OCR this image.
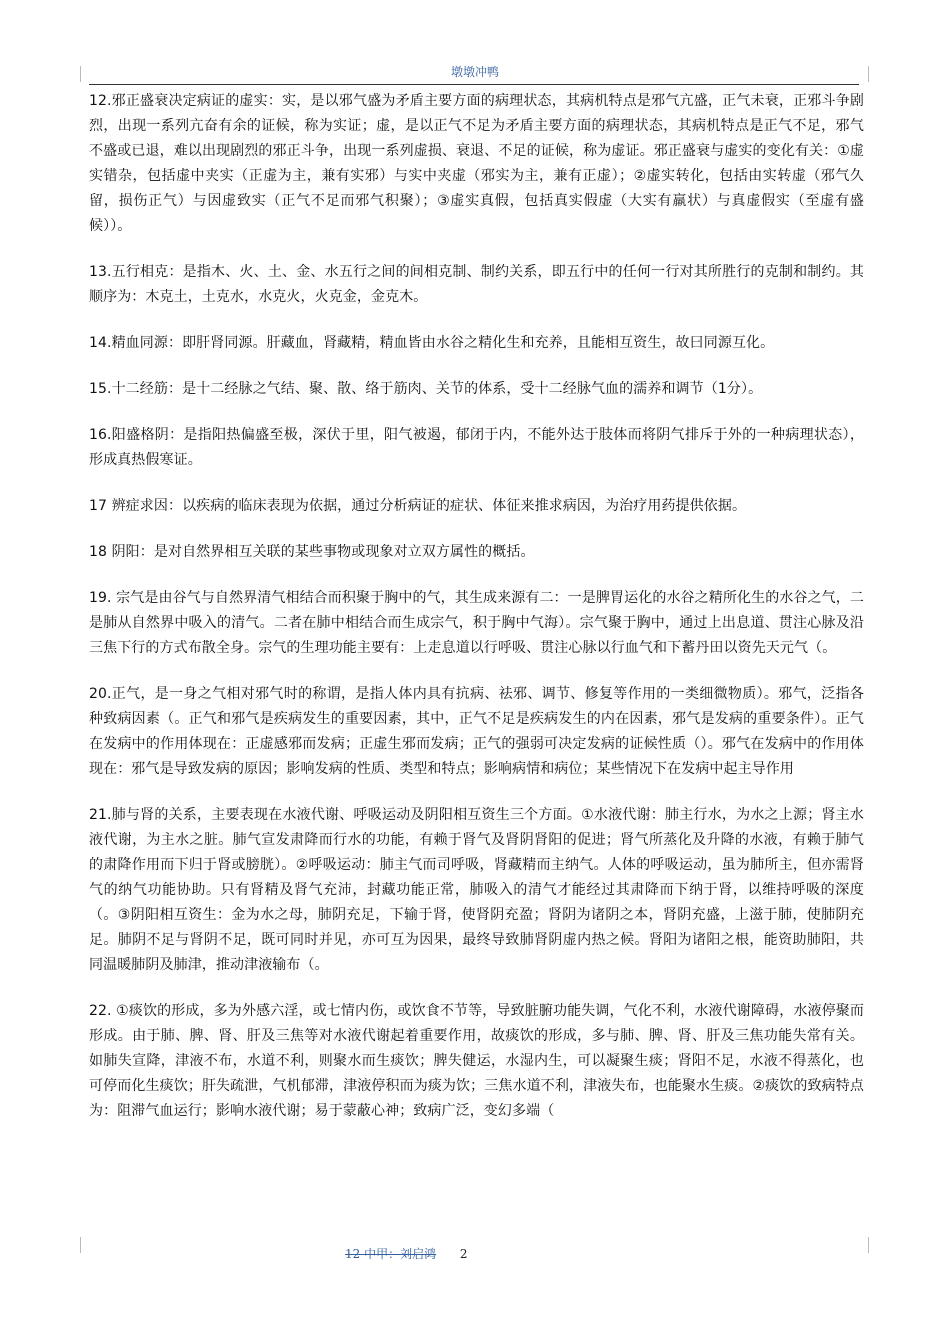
墩墩冲鸭

12.邪正盛衰决定病证的虚实：实，是以邪气盛为矛盾主要方面的病理状态，其病机特点是邪气亢盛，正气未衰，正邪斗争剧烈，出现一系列亢奋有余的证候，称为实证；虚，是以正气不足为矛盾主要方面的病理状态，其病机特点是正气不足，邪气不盛或已退，难以出现剧烈的邪正斗争，出现一系列虚损、衰退、不足的证候，称为虚证。邪正盛衰与虚实的变化有关：①虚实错杂，包括虚中夹实（正虚为主，兼有实邪）与实中夹虚（邪实为主，兼有正虚）；②虚实转化，包括由实转虚（邪气久留，损伤正气）与因虚致实（正气不足而邪气积聚）；③虚实真假，包括真实假虚（大实有羸状）与真虚假实（至虚有盛候））。

13.五行相克：是指木、火、土、金、水五行之间的间相克制、制约关系，即五行中的任何一行对其所胜行的克制和制约。其顺序为：木克土，土克水，水克火，火克金，金克木。

14.精血同源：即肝肾同源。肝藏血，肾藏精，精血皆由水谷之精化生和充养，且能相互资生，故曰同源互化。

15.十二经筋：是十二经脉之气结、聚、散、络于筋肉、关节的体系，受十二经脉气血的濡养和调节（1分）。

16.阳盛格阴：是指阳热偏盛至极，深伏于里，阳气被遏，郁闭于内，不能外达于肢体而将阴气排斥于外的一种病理状态），形成真热假寒证。

17 辨症求因：以疾病的临床表现为依据，通过分析病证的症状、体征来推求病因，为治疗用药提供依据。

18 阴阳：是对自然界相互关联的某些事物或现象对立双方属性的概括。

19. 宗气是由谷气与自然界清气相结合而积聚于胸中的气，其生成来源有二：一是脾胃运化的水谷之精所化生的水谷之气，二是肺从自然界中吸入的清气。二者在肺中相结合而生成宗气，积于胸中气海）。宗气聚于胸中，通过上出息道、贯注心脉及沿三焦下行的方式布散全身。宗气的生理功能主要有：上走息道以行呼吸、贯注心脉以行血气和下蓄丹田以资先天元气（。

20.正气，是一身之气相对邪气时的称谓，是指人体内具有抗病、祛邪、调节、修复等作用的一类细微物质）。邪气，泛指各种致病因素（。正气和邪气是疾病发生的重要因素，其中，正气不足是疾病发生的内在因素，邪气是发病的重要条件）。正气在发病中的作用体现在：正虚感邪而发病；正虚生邪而发病；正气的强弱可决定发病的证候性质（）。邪气在发病中的作用体现在：邪气是导致发病的原因；影响发病的性质、类型和特点；影响病情和病位；某些情况下在发病中起主导作用

21.肺与肾的关系，主要表现在水液代谢、呼吸运动及阴阳相互资生三个方面。①水液代谢：肺主行水，为水之上源；肾主水液代谢，为主水之脏。肺气宣发肃降而行水的功能，有赖于肾气及肾阴肾阳的促进；肾气所蒸化及升降的水液，有赖于肺气的肃降作用而下归于肾或膀胱）。②呼吸运动：肺主气而司呼吸，肾藏精而主纳气。人体的呼吸运动，虽为肺所主，但亦需肾气的纳气功能协助。只有肾精及肾气充沛，封藏功能正常，肺吸入的清气才能经过其肃降而下纳于肾，以维持呼吸的深度（。③阴阳相互资生：金为水之母，肺阴充足，下输于肾，使肾阴充盈；肾阴为诸阴之本，肾阴充盛，上滋于肺，使肺阴充足。肺阴不足与肾阴不足，既可同时并见，亦可互为因果，最终导致肺肾阴虚内热之候。肾阳为诸阳之根，能资助肺阳，共同温暖肺阴及肺津，推动津液输布（。

22. ①痰饮的形成，多为外感六淫，或七情内伤，或饮食不节等，导致脏腑功能失调，气化不利，水液代谢障碍，水液停聚而形成。由于肺、脾、肾、肝及三焦等对水液代谢起着重要作用，故痰饮的形成，多与肺、脾、肾、肝及三焦功能失常有关。如肺失宣降，津液不布，水道不利，则聚水而生痰饮；脾失健运，水湿内生，可以凝聚生痰；肾阳不足，水液不得蒸化，也可停而化生痰饮；肝失疏泄，气机郁滞，津液停积而为痰为饮；三焦水道不利，津液失布，也能聚水生痰。②痰饮的致病特点为：阻滞气血运行；影响水液代谢；易于蒙蔽心神；致病广泛，变幻多端（

12 中甲：刘启鸿 2
